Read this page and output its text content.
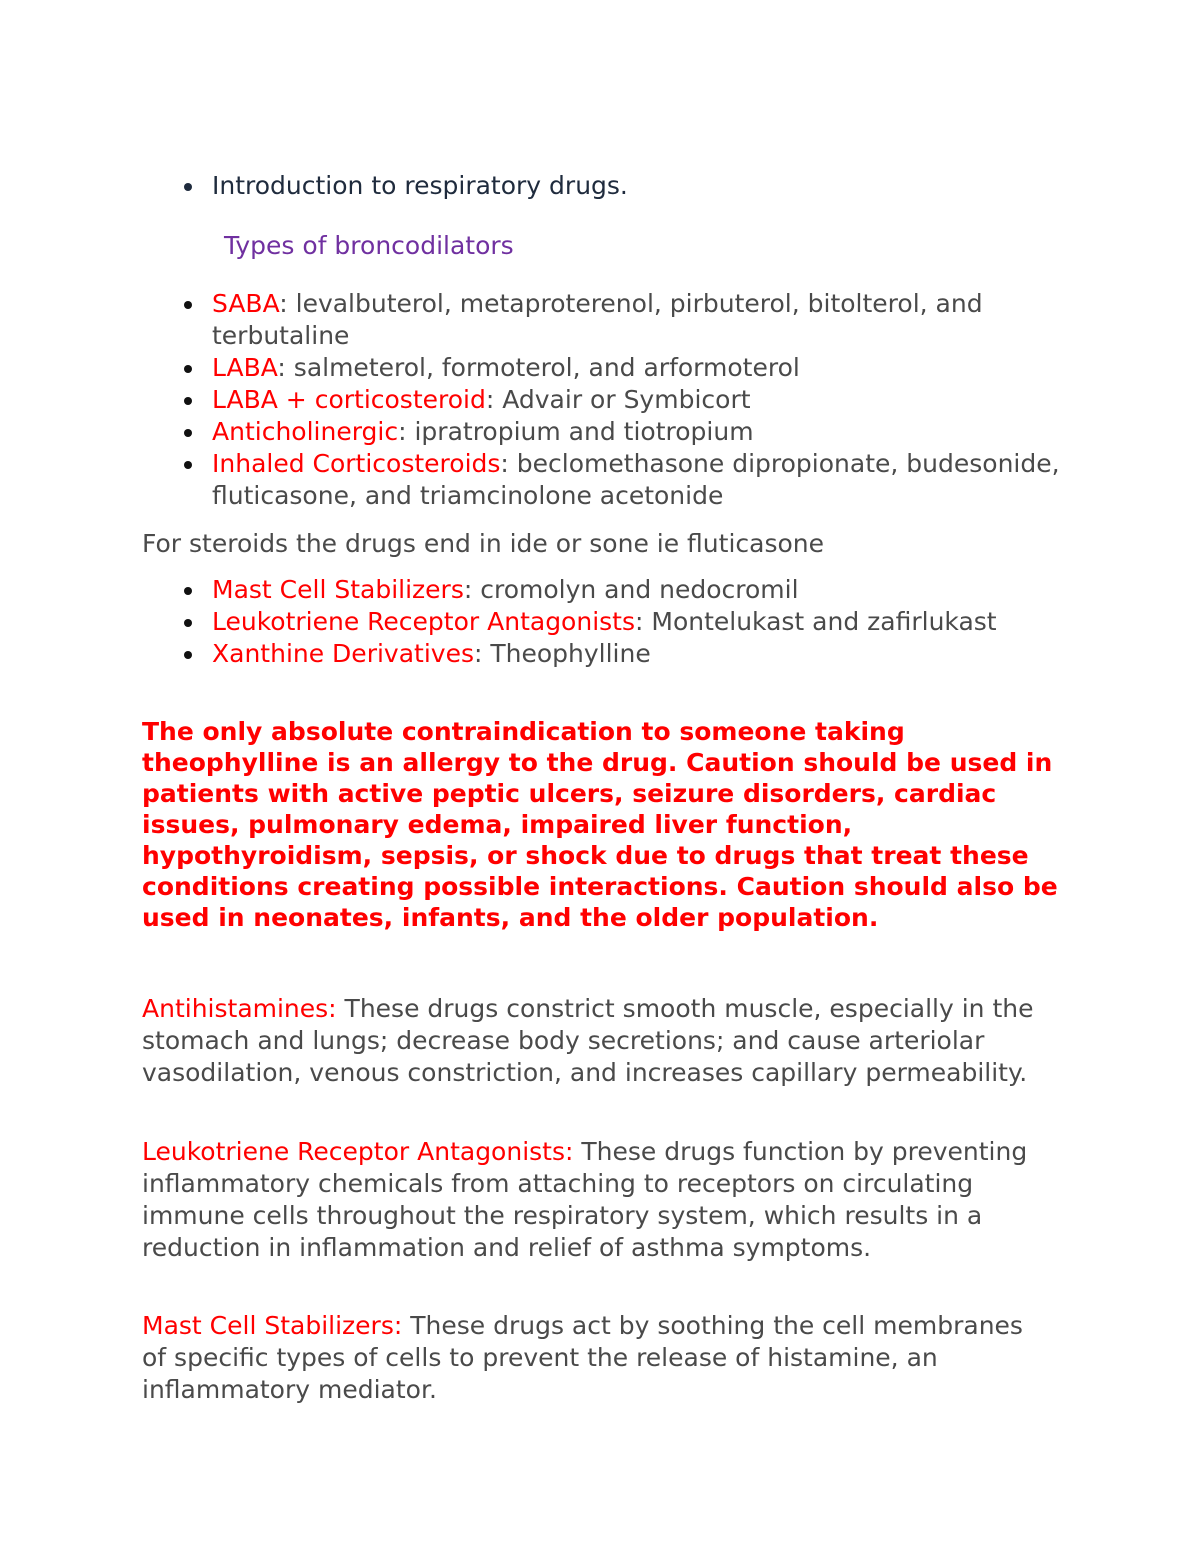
Introduction to respiratory drugs.

Types of broncodilators

SABA: levalbuterol, metaproterenol, pirbuterol, bitolterol, and terbutaline
LABA: salmeterol, formoterol, and arformoterol
LABA + corticosteroid: Advair or Symbicort
Anticholinergic: ipratropium and tiotropium
Inhaled Corticosteroids: beclomethasone dipropionate, budesonide, fluticasone, and triamcinolone acetonide

For steroids the drugs end in ide or sone ie fluticasone

Mast Cell Stabilizers: cromolyn and nedocromil
Leukotriene Receptor Antagonists: Montelukast and zafirlukast
Xanthine Derivatives: Theophylline

The only absolute contraindication to someone taking theophylline is an allergy to the drug. Caution should be used in patients with active peptic ulcers, seizure disorders, cardiac issues, pulmonary edema, impaired liver function, hypothyroidism, sepsis, or shock due to drugs that treat these conditions creating possible interactions. Caution should also be used in neonates, infants, and the older population.

Antihistamines: These drugs constrict smooth muscle, especially in the stomach and lungs; decrease body secretions; and cause arteriolar vasodilation, venous constriction, and increases capillary permeability.

Leukotriene Receptor Antagonists: These drugs function by preventing inflammatory chemicals from attaching to receptors on circulating immune cells throughout the respiratory system, which results in a reduction in inflammation and relief of asthma symptoms.

Mast Cell Stabilizers: These drugs act by soothing the cell membranes of specific types of cells to prevent the release of histamine, an inflammatory mediator.
